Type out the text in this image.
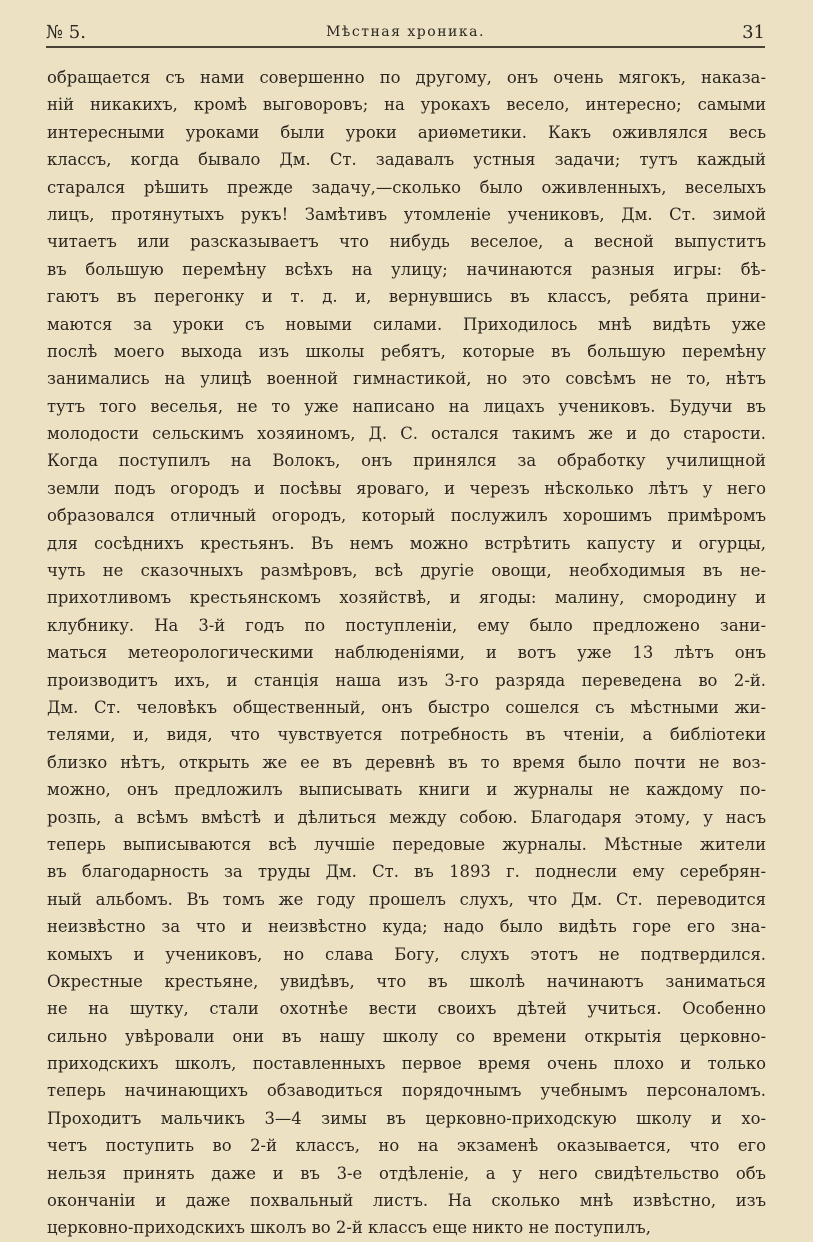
№ 5.	Мѣстная хроника.	31
обращается съ нами совершенно по другому, онъ очень мягокъ, наказа-
ній никакихъ, кромѣ выговоровъ; на урокахъ весело, интересно; самыми
интересными уроками были уроки ариѳметики. Какъ оживлялся весь
классъ, когда бывало Дм. Ст. задавалъ устныя задачи; тутъ каждый
старался рѣшить прежде задачу,—сколько было оживленныхъ, веселыхъ
лицъ, протянутыхъ рукъ! Замѣтивъ утомленіе учениковъ, Дм. Ст. зимой
читаетъ или разсказываетъ что нибудь веселое, а весной выпуститъ
въ большую перемѣну всѣхъ на улицу; начинаются разныя игры: бѣ-
гаютъ въ перегонку и т. д. и, вернувшись въ классъ, ребята прини-
маются за уроки съ новыми силами. Приходилось мнѣ видѣть уже
послѣ моего выхода изъ школы ребятъ, которые въ большую перемѣну
занимались на улицѣ военной гимнастикой, но это совсѣмъ не то, нѣтъ
тутъ того веселья, не то уже написано на лицахъ учениковъ. Будучи въ
молодости сельскимъ хозяиномъ, Д. С. остался такимъ же и до старости.
Когда поступилъ на Волокъ, онъ принялся за обработку училищной
земли подъ огородъ и посѣвы яроваго, и черезъ нѣсколько лѣтъ у него
образовался отличный огородъ, который послужилъ хорошимъ примѣромъ
для сосѣднихъ крестьянъ. Въ немъ можно встрѣтить капусту и огурцы,
чуть не сказочныхъ размѣровъ, всѣ другіе овощи, необходимыя въ не-
прихотливомъ крестьянскомъ хозяйствѣ, и ягоды: малину, смородину и
клубнику. На 3-й годъ по поступленіи, ему было предложено зани-
маться метеорологическими наблюденіями, и вотъ уже 13 лѣтъ онъ
производитъ ихъ, и станція наша изъ 3-го разряда переведена во 2-й.
Дм. Ст. человѣкъ общественный, онъ быстро сошелся съ мѣстными жи-
телями, и, видя, что чувствуется потребность въ чтеніи, а библіотеки
близко нѣтъ, открыть же ее въ деревнѣ въ то время было почти не воз-
можно, онъ предложилъ выписывать книги и журналы не каждому по-
розпь, а всѣмъ вмѣстѣ и дѣлиться между собою. Благодаря этому, у насъ
теперь выписываются всѣ лучшіе передовые журналы. Мѣстные жители
въ благодарность за труды Дм. Ст. въ 1893 г. поднесли ему серебрян-
ный альбомъ. Въ томъ же году прошелъ слухъ, что Дм. Ст. переводится
неизвѣстно за что и неизвѣстно куда; надо было видѣть горе его зна-
комыхъ и учениковъ, но слава Богу, слухъ этотъ не подтвердился.
Окрестные крестьяне, увидѣвъ, что въ школѣ начинаютъ заниматься
не на шутку, стали охотнѣе вести своихъ дѣтей учиться. Особенно
сильно увѣровали они въ нашу школу со времени открытія церковно-
приходскихъ школъ, поставленныхъ первое время очень плохо и только
теперь начинающихъ обзаводиться порядочнымъ учебнымъ персоналомъ.
Проходитъ мальчикъ 3—4 зимы въ церковно-приходскую школу и хо-
четъ поступить во 2-й классъ, но на экзаменѣ оказывается, что его
нельзя принять даже и въ 3-е отдѣленіе, а у него свидѣтельство объ
окончаніи и даже похвальный листъ. На сколько мнѣ извѣстно, изъ
церковно-приходскихъ школъ во 2-й классъ еще никто не поступилъ,
